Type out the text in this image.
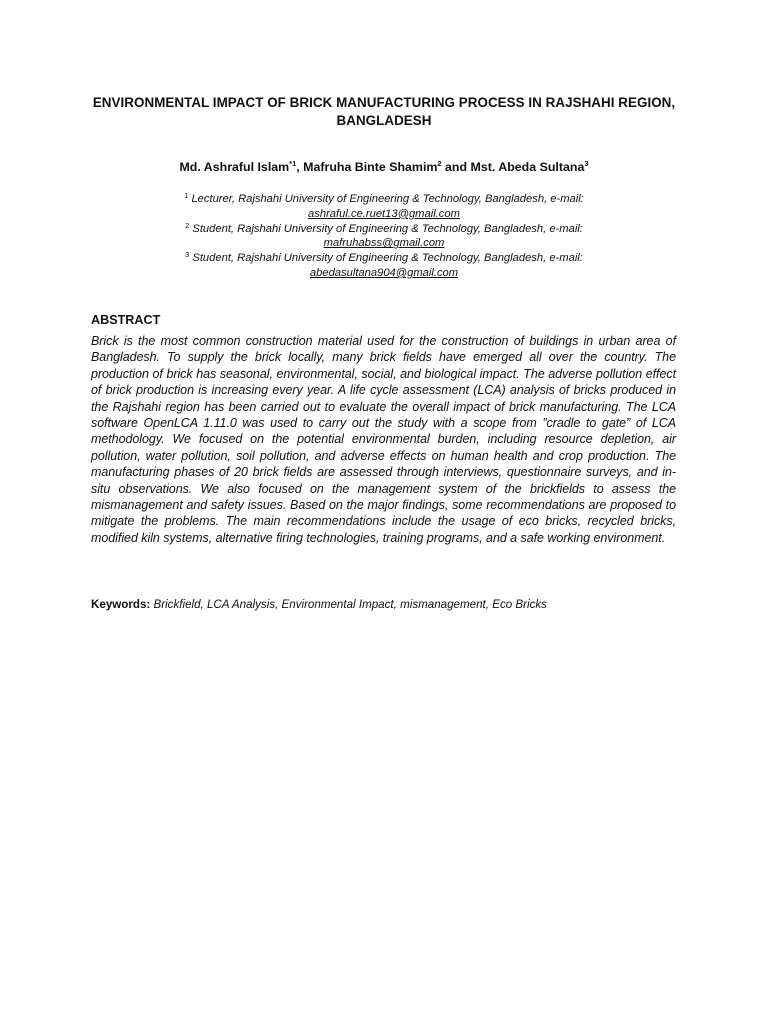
ENVIRONMENTAL IMPACT OF BRICK MANUFACTURING PROCESS IN RAJSHAHI REGION, BANGLADESH
Md. Ashraful Islam$^{*1}$, Mafruha Binte Shamim$^2$ and Mst. Abeda Sultana$^3$
$^1$ Lecturer, Rajshahi University of Engineering & Technology, Bangladesh, e-mail:
ashraful.ce.ruet13@gmail.com
$^2$ Student, Rajshahi University of Engineering & Technology, Bangladesh, e-mail:
mafruhabss@gmail.com
$^3$ Student, Rajshahi University of Engineering & Technology, Bangladesh, e-mail:
abedasultana904@gmail.com
ABSTRACT
Brick is the most common construction material used for the construction of buildings in urban area of Bangladesh. To supply the brick locally, many brick fields have emerged all over the country. The production of brick has seasonal, environmental, social, and biological impact. The adverse pollution effect of brick production is increasing every year. A life cycle assessment (LCA) analysis of bricks produced in the Rajshahi region has been carried out to evaluate the overall impact of brick manufacturing. The LCA software OpenLCA 1.11.0 was used to carry out the study with a scope from ”cradle to gate” of LCA methodology. We focused on the potential environmental burden, including resource depletion, air pollution, water pollution, soil pollution, and adverse effects on human health and crop production. The manufacturing phases of 20 brick fields are assessed through interviews, questionnaire surveys, and in-situ observations. We also focused on the management system of the brickfields to assess the mismanagement and safety issues. Based on the major findings, some recommendations are proposed to mitigate the problems. The main recommendations include the usage of eco bricks, recycled bricks, modified kiln systems, alternative firing technologies, training programs, and a safe working environment.
Keywords: Brickfield, LCA Analysis, Environmental Impact, mismanagement, Eco Bricks
